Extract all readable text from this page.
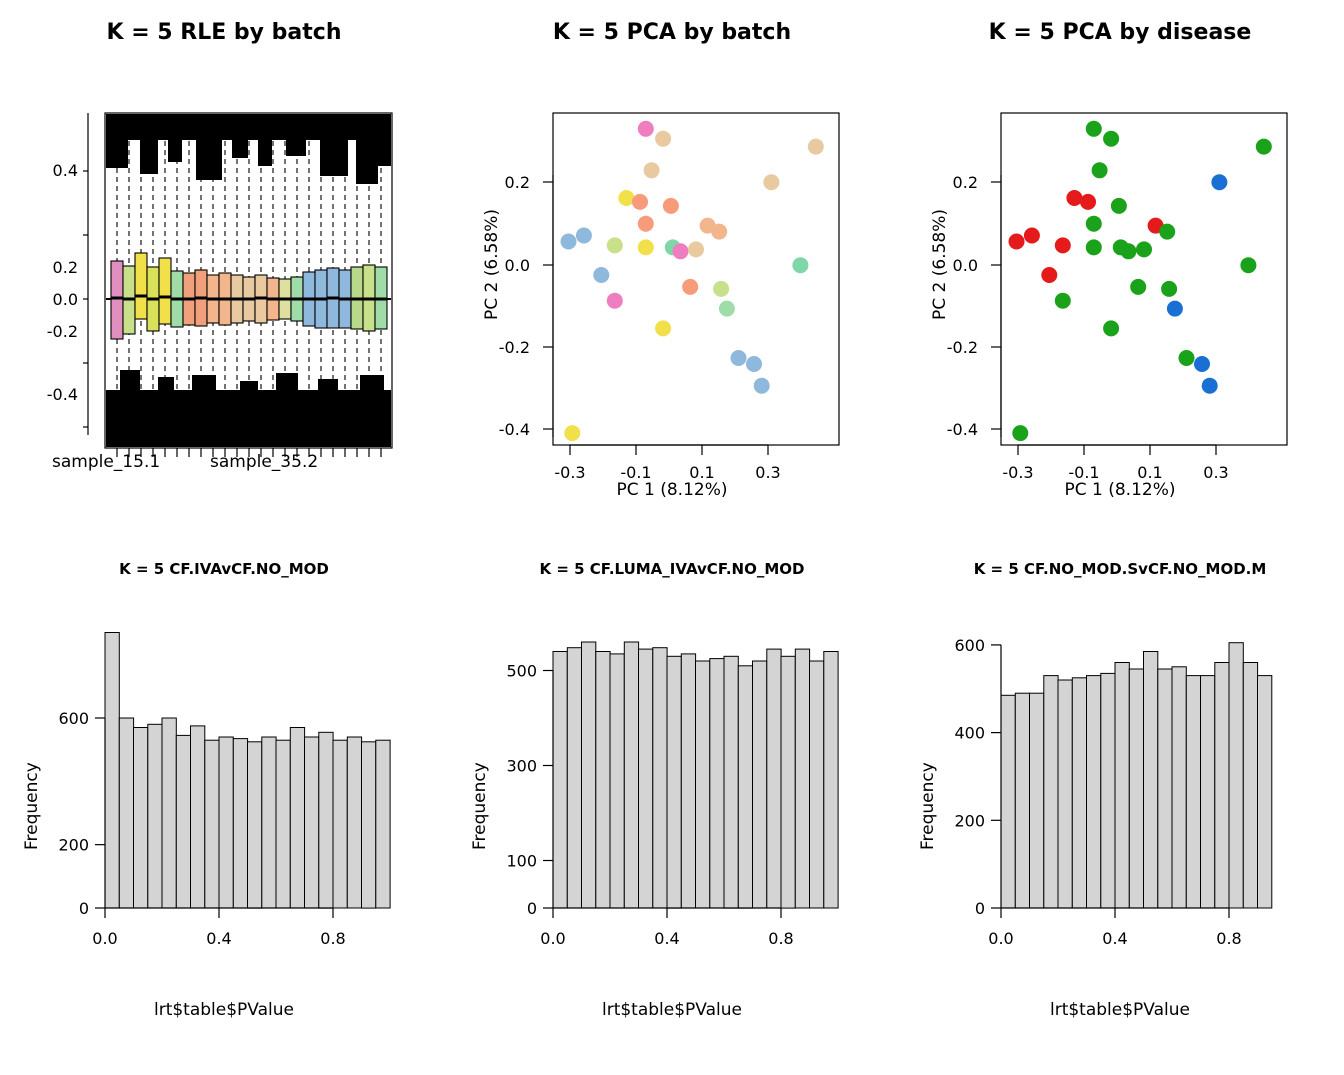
K = 5 RLE by batch
0.4
0.2
0.0
-0.2
-0.4
sample_15.1	sample_35.2
K = 5 PCA by batch
0.2
0.0
-0.2
-0.4
-0.3 -0.1 0.1	0.3
PC 1 (8.12%)
PC 2 (6.58%)
K = 5 PCA by disease
0.2
0.0
-0.2
-0.4
-0.3 -0.1 0.1	0.3
PC 1 (8.12%)
PC 2 (6.58%)
K = 5 CF.IVAvCF.NO_MOD
0
200
600
0.0	0.4	0.8
lrt$table$PValue
Frequency
K = 5 CF.LUMA_IVAvCF.NO_MOD
0
100
300
500
0.0	0.4	0.8
lrt$table$PValue
Frequency
K = 5 CF.NO_MOD.SvCF.NO_MOD.M
0
200
400
600
0.0	0.4	0.8
lrt$table$PValue
Frequency
